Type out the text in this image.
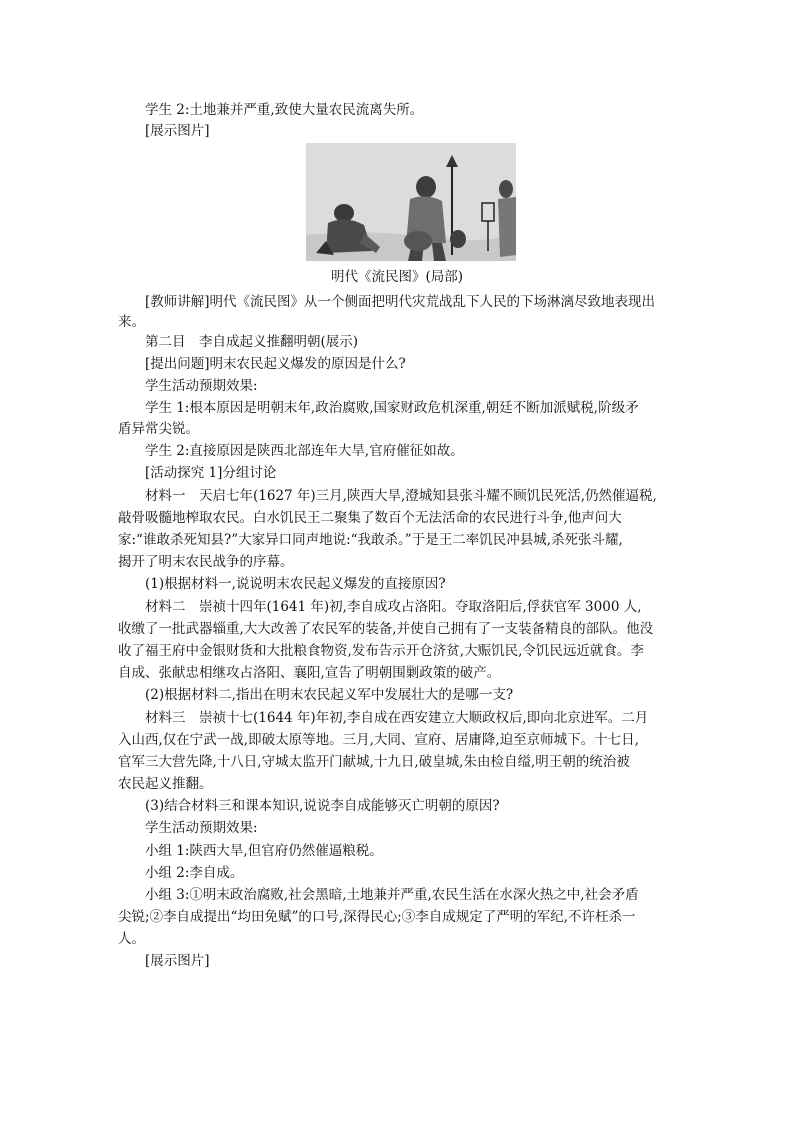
学生 2:土地兼并严重,致使大量农民流离失所。
[展示图片]
明代《流民图》(局部)
[教师讲解]明代《流民图》从一个侧面把明代灾荒战乱下人民的下场淋漓尽致地表现出
来。
第二目　李自成起义推翻明朝(展示)
[提出问题]明末农民起义爆发的原因是什么?
学生活动预期效果:
学生 1:根本原因是明朝末年,政治腐败,国家财政危机深重,朝廷不断加派赋税,阶级矛
盾异常尖锐。
学生 2:直接原因是陕西北部连年大旱,官府催征如故。
[活动探究 1]分组讨论
材料一　天启七年(1627 年)三月,陕西大旱,澄城知县张斗耀不顾饥民死活,仍然催逼税,
敲骨吸髓地榨取农民。白水饥民王二聚集了数百个无法活命的农民进行斗争,他声问大
家:“谁敢杀死知县?”大家异口同声地说:“我敢杀。”于是王二率饥民冲县城,杀死张斗耀,
揭开了明末农民战争的序幕。
(1)根据材料一,说说明末农民起义爆发的直接原因?
材料二　崇祯十四年(1641 年)初,李自成攻占洛阳。夺取洛阳后,俘获官军 3000 人,
收缴了一批武器辎重,大大改善了农民军的装备,并使自己拥有了一支装备精良的部队。他没
收了福王府中金银财货和大批粮食物资,发布告示开仓济贫,大赈饥民,令饥民远近就食。李
自成、张献忠相继攻占洛阳、襄阳,宣告了明朝围剿政策的破产。
(2)根据材料二,指出在明末农民起义军中发展壮大的是哪一支?
材料三　崇祯十七(1644 年)年初,李自成在西安建立大顺政权后,即向北京进军。二月
入山西,仅在宁武一战,即破太原等地。三月,大同、宣府、居庸降,迫至京师城下。十七日,
官军三大营先降,十八日,守城太监开门献城,十九日,破皇城,朱由检自缢,明王朝的统治被
农民起义推翻。
(3)结合材料三和课本知识,说说李自成能够灭亡明朝的原因?
学生活动预期效果:
小组 1:陕西大旱,但官府仍然催逼粮税。
小组 2:李自成。
小组 3:①明末政治腐败,社会黑暗,土地兼并严重,农民生活在水深火热之中,社会矛盾
尖锐;②李自成提出“均田免赋”的口号,深得民心;③李自成规定了严明的军纪,不许枉杀一
人。
[展示图片]
